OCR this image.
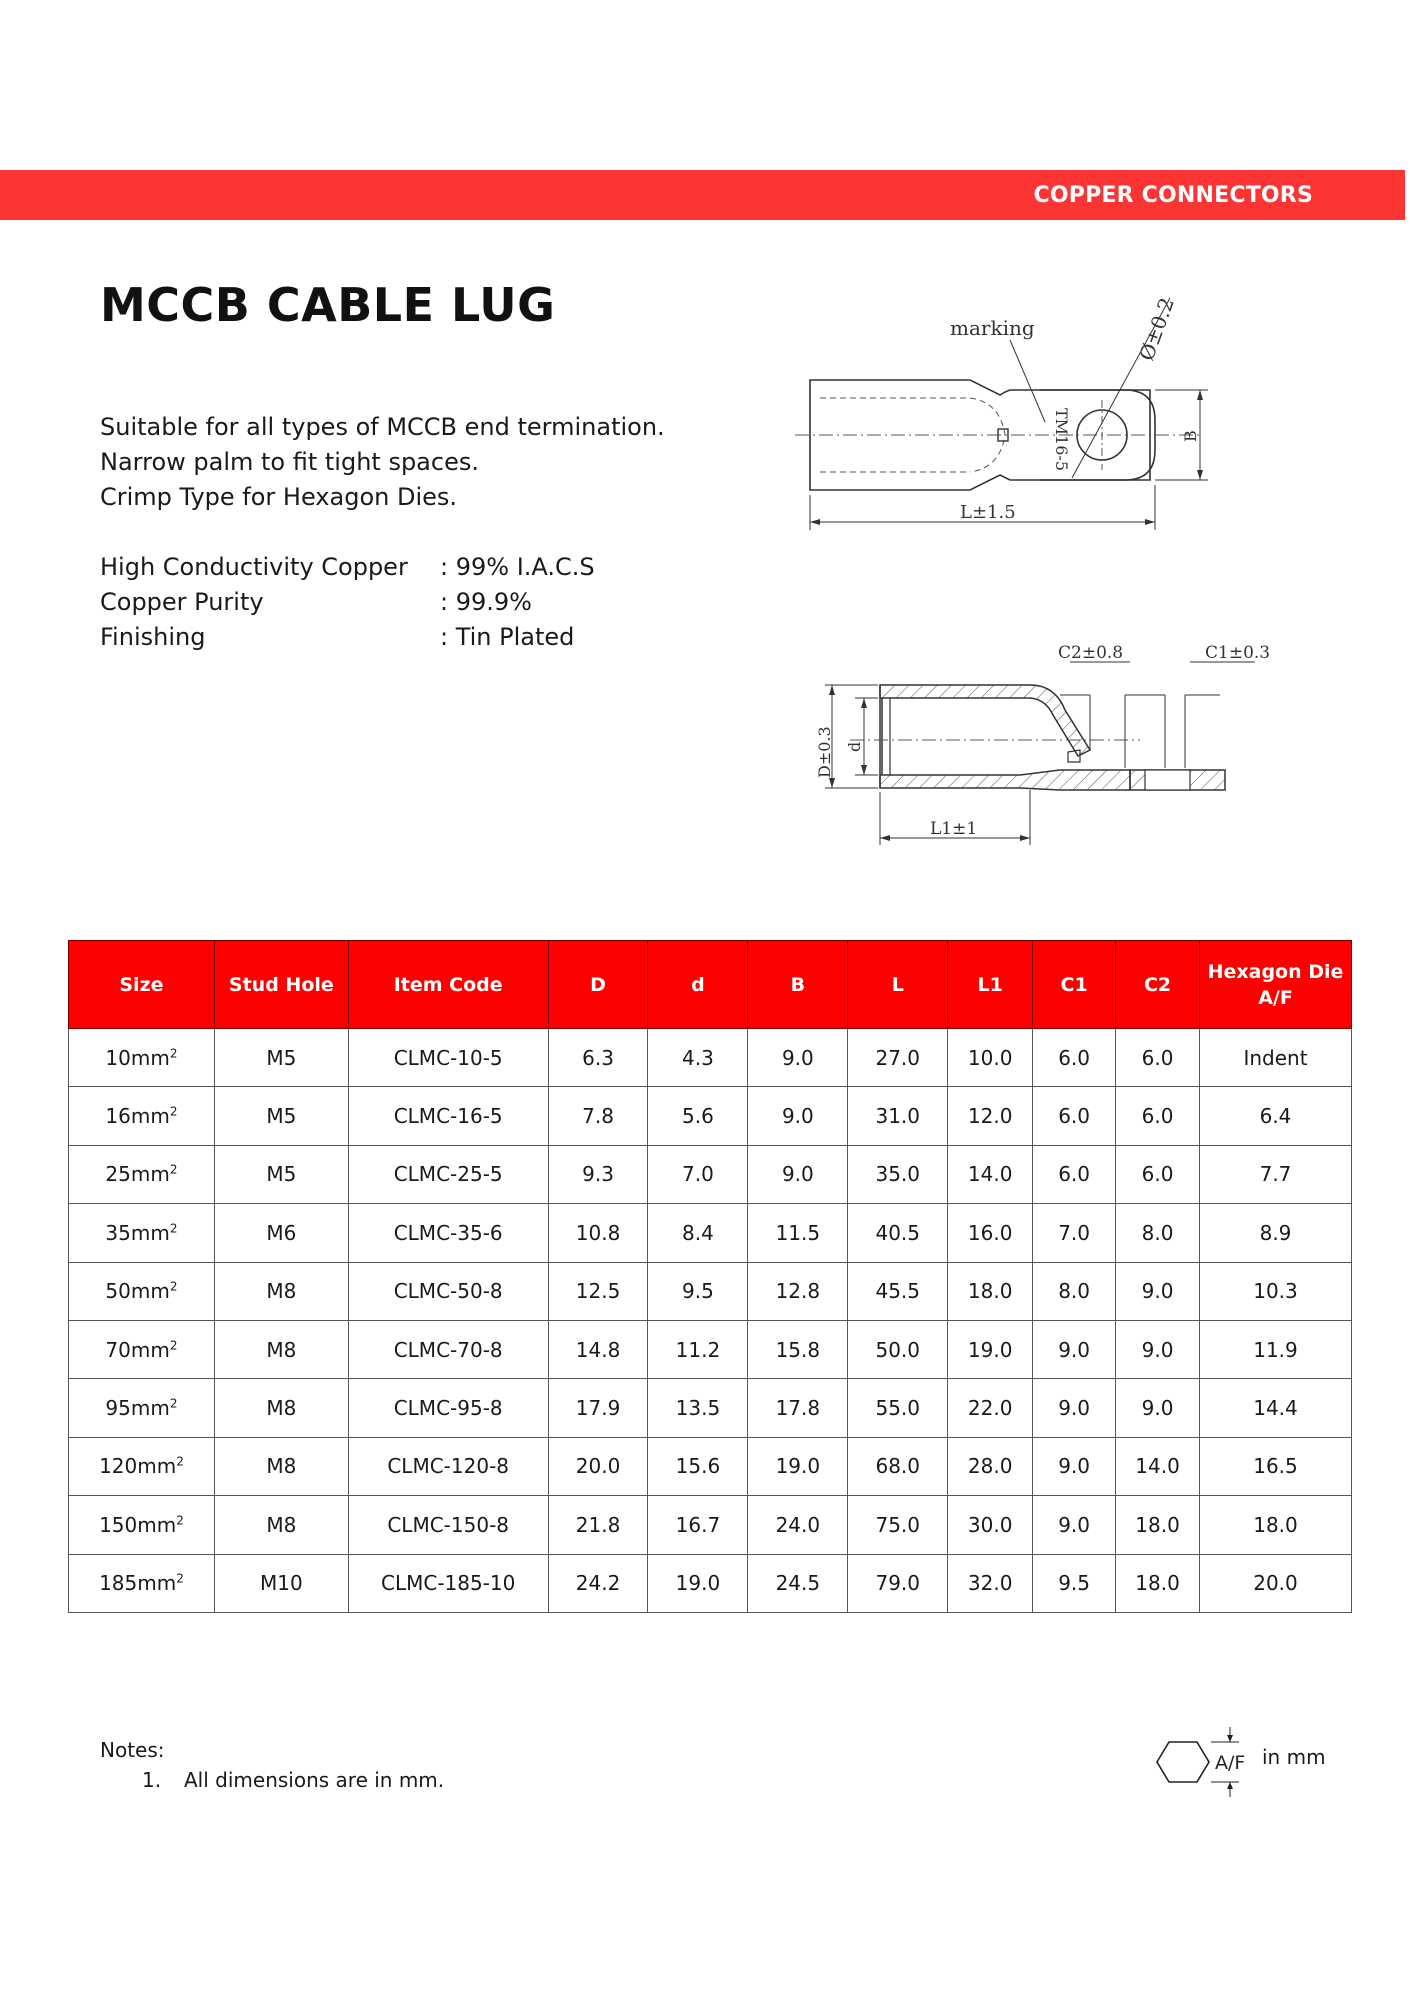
COPPER CONNECTORS
MCCB CABLE LUG
Suitable for all types of MCCB end termination.
Narrow palm to fit tight spaces.
Crimp Type for Hexagon Dies.
High Conductivity Copper	: 99% I.A.C.S
Copper Purity	: 99.9%
Finishing	: Tin Plated
marking	Ø±0.2
TM16-5	B
L±1.5
C2±0.8	C1±0.3
D±0.3 d
L1±1
Size	Stud Hole	Item Code	D	d	B	L	L1	C1	C2	Hexagon Die
A/F

$10mm^2$	M5	CLMC-10-5	6.3	4.3	9.0	27.0	10.0	6.0	6.0	Indent
$16mm^2$	M5	CLMC-16-5	7.8	5.6	9.0	31.0	12.0	6.0	6.0	6.4
$25mm^2$	M5	CLMC-25-5	9.3	7.0	9.0	35.0	14.0	6.0	6.0	7.7
$35mm^2$	M6	CLMC-35-6	10.8	8.4	11.5	40.5	16.0	7.0	8.0	8.9
$50mm^2$	M8	CLMC-50-8	12.5	9.5	12.8	45.5	18.0	8.0	9.0	10.3
$70mm^2$	M8	CLMC-70-8	14.8	11.2	15.8	50.0	19.0	9.0	9.0	11.9
$95mm^2$	M8	CLMC-95-8	17.9	13.5	17.8	55.0	22.0	9.0	9.0	14.4
$120mm^2$	M8	CLMC-120-8	20.0	15.6	19.0	68.0	28.0	9.0	14.0	16.5
$150mm^2$	M8	CLMC-150-8	21.8	16.7	24.0	75.0	30.0	9.0	18.0	18.0
$185mm^2$	M10	CLMC-185-10	24.2	19.0	24.5	79.0	32.0	9.5	18.0	20.0
Notes:
1. All dimensions are in mm.
A/F in mm
